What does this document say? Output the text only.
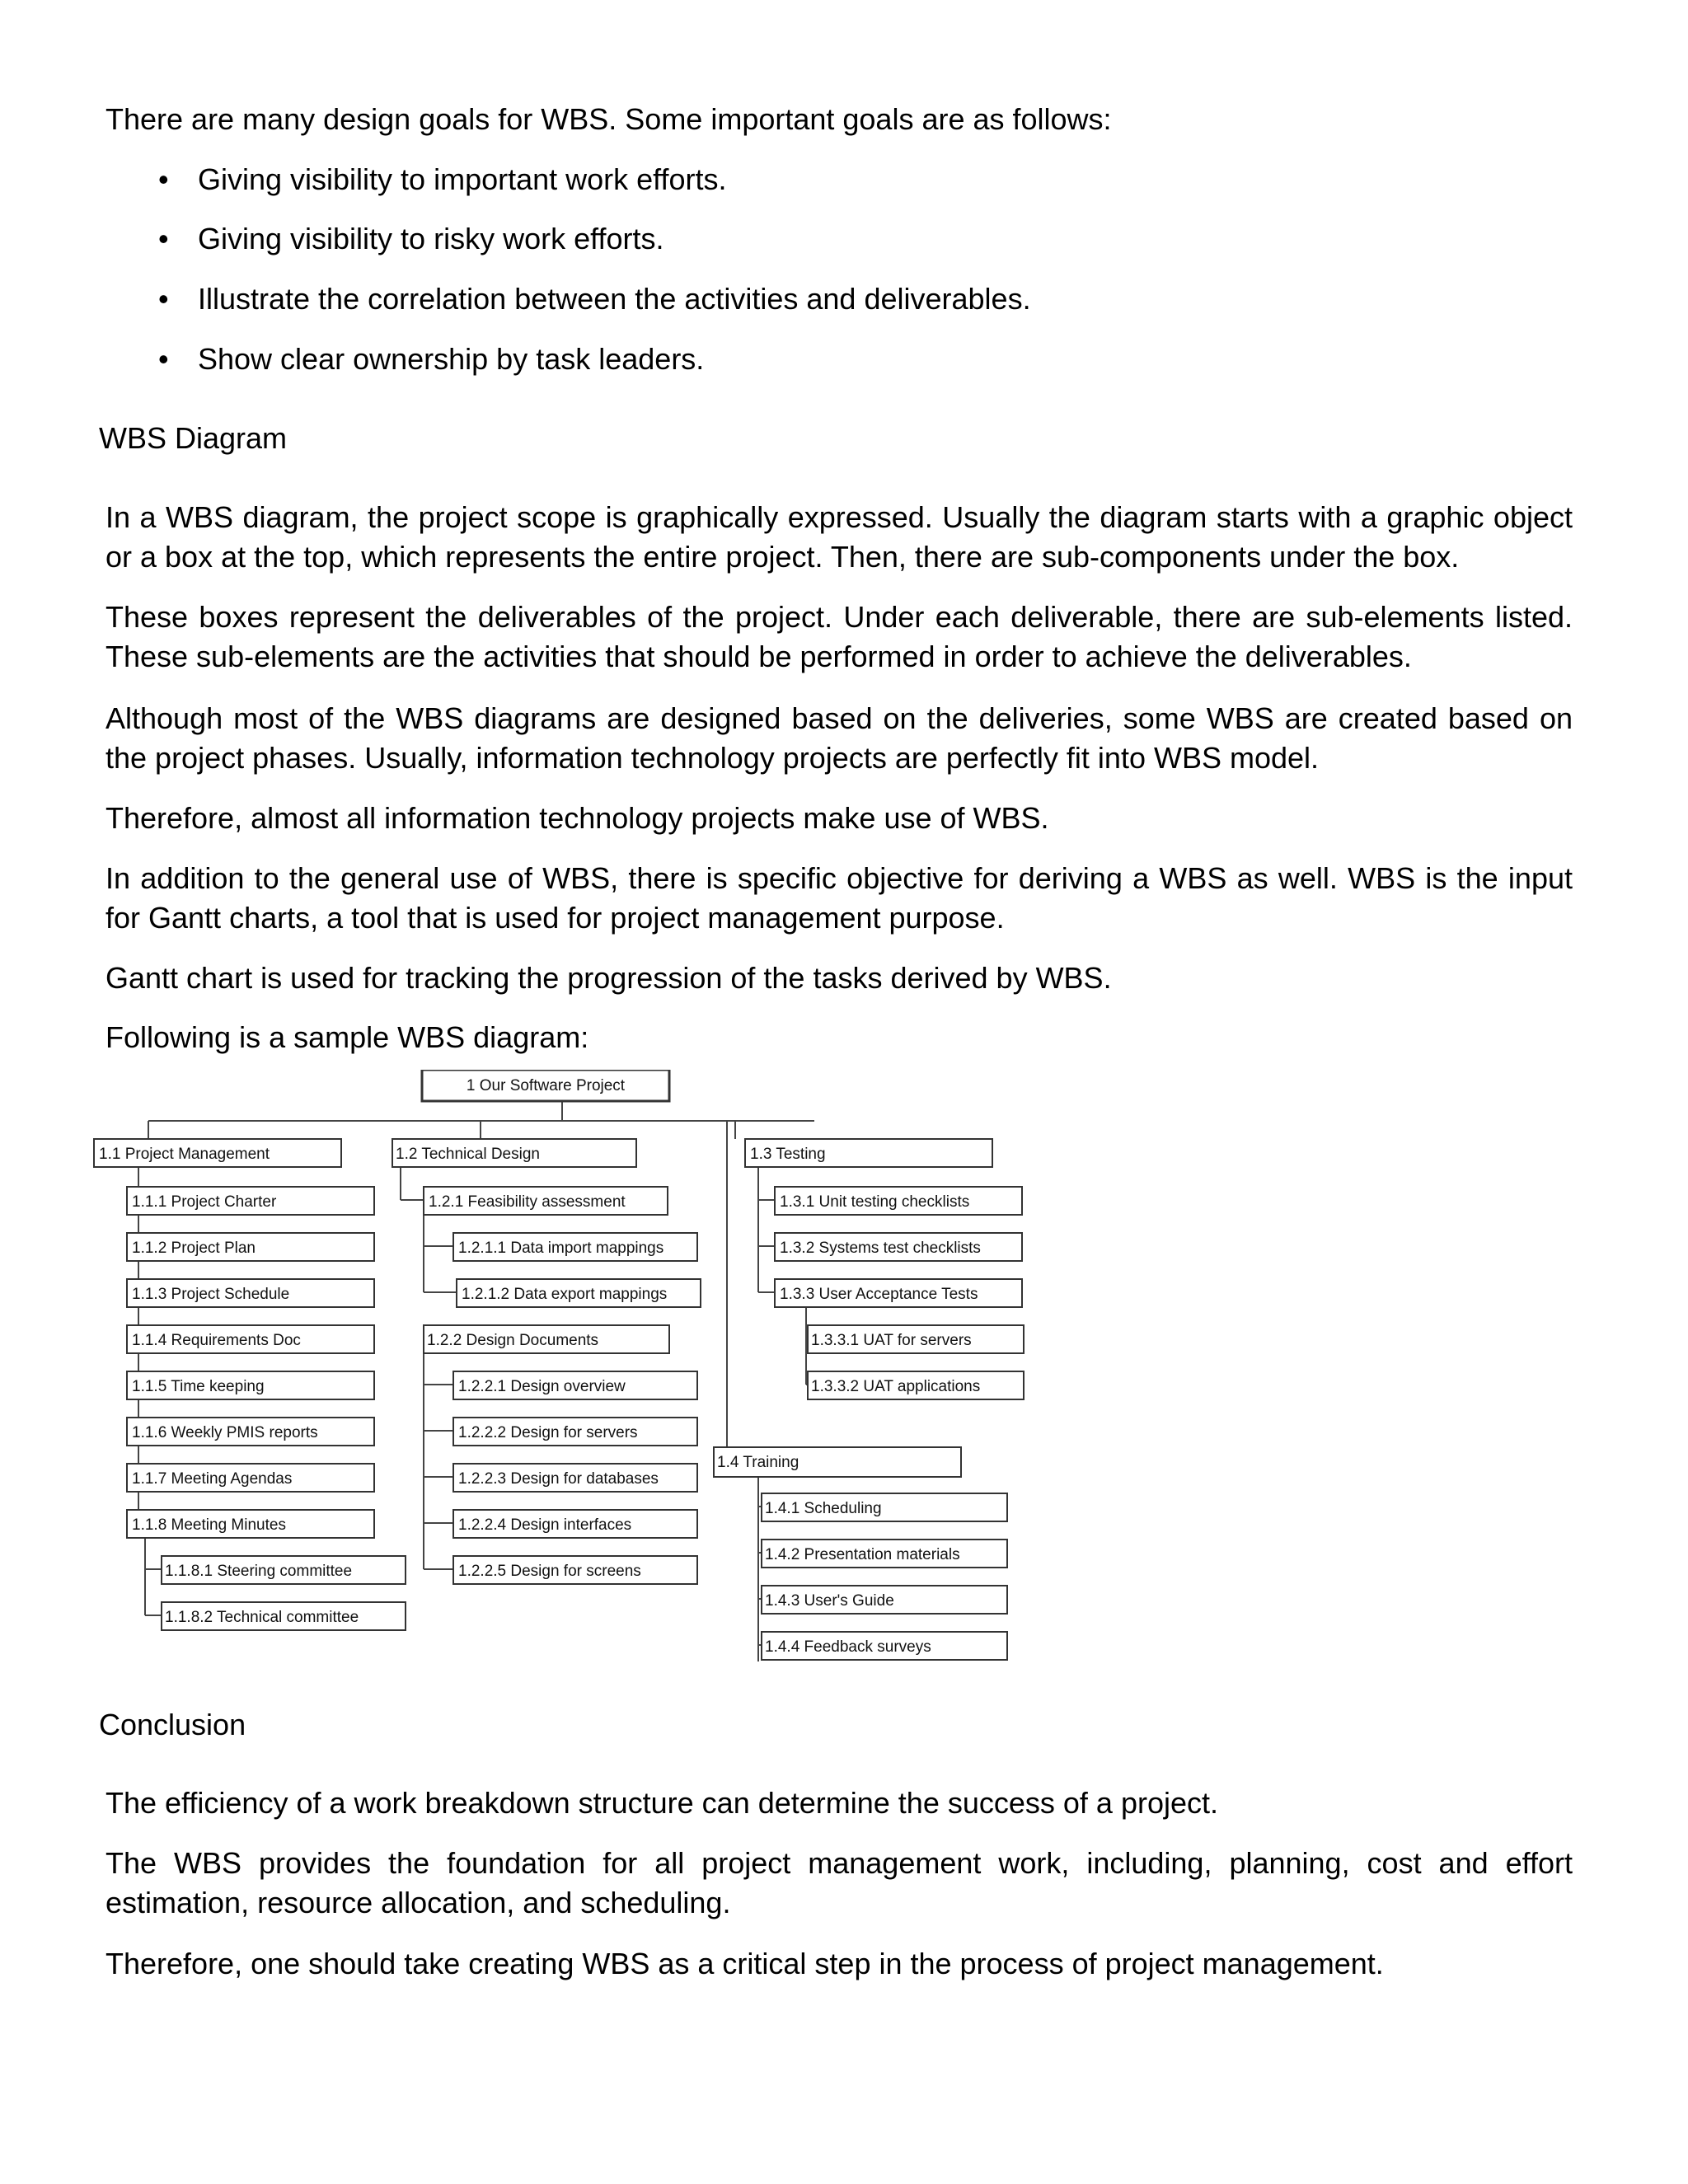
There are many design goals for WBS. Some important goals are as follows:

• Giving visibility to important work efforts.
• Giving visibility to risky work efforts.
• Illustrate the correlation between the activities and deliverables.
• Show clear ownership by task leaders.

WBS Diagram

In a WBS diagram, the project scope is graphically expressed. Usually the diagram starts with a graphic object or a box at the top, which represents the entire project. Then, there are sub-components under the box.

These boxes represent the deliverables of the project. Under each deliverable, there are sub-elements listed. These sub-elements are the activities that should be performed in order to achieve the deliverables.

Although most of the WBS diagrams are designed based on the deliveries, some WBS are created based on the project phases. Usually, information technology projects are perfectly fit into WBS model.

Therefore, almost all information technology projects make use of WBS.

In addition to the general use of WBS, there is specific objective for deriving a WBS as well. WBS is the input for Gantt charts, a tool that is used for project management purpose.

Gantt chart is used for tracking the progression of the tasks derived by WBS.

Following is a sample WBS diagram:

1 Our Software Project
1.1 Project Management
1.1.1 Project Charter
1.1.2 Project Plan
1.1.3 Project Schedule
1.1.4 Requirements Doc
1.1.5 Time keeping
1.1.6 Weekly PMIS reports
1.1.7 Meeting Agendas
1.1.8 Meeting Minutes
1.1.8.1 Steering committee
1.1.8.2 Technical committee
1.2 Technical Design
1.2.1 Feasibility assessment
1.2.1.1 Data import mappings
1.2.1.2 Data export mappings
1.2.2 Design Documents
1.2.2.1 Design overview
1.2.2.2 Design for servers
1.2.2.3 Design for databases
1.2.2.4 Design interfaces
1.2.2.5 Design for screens
1.3 Testing
1.3.1 Unit testing checklists
1.3.2 Systems test checklists
1.3.3 User Acceptance Tests
1.3.3.1 UAT for servers
1.3.3.2 UAT applications
1.4 Training
1.4.1 Scheduling
1.4.2 Presentation materials
1.4.3 User's Guide
1.4.4 Feedback surveys

Conclusion

The efficiency of a work breakdown structure can determine the success of a project.

The WBS provides the foundation for all project management work, including, planning, cost and effort estimation, resource allocation, and scheduling.

Therefore, one should take creating WBS as a critical step in the process of project management.
